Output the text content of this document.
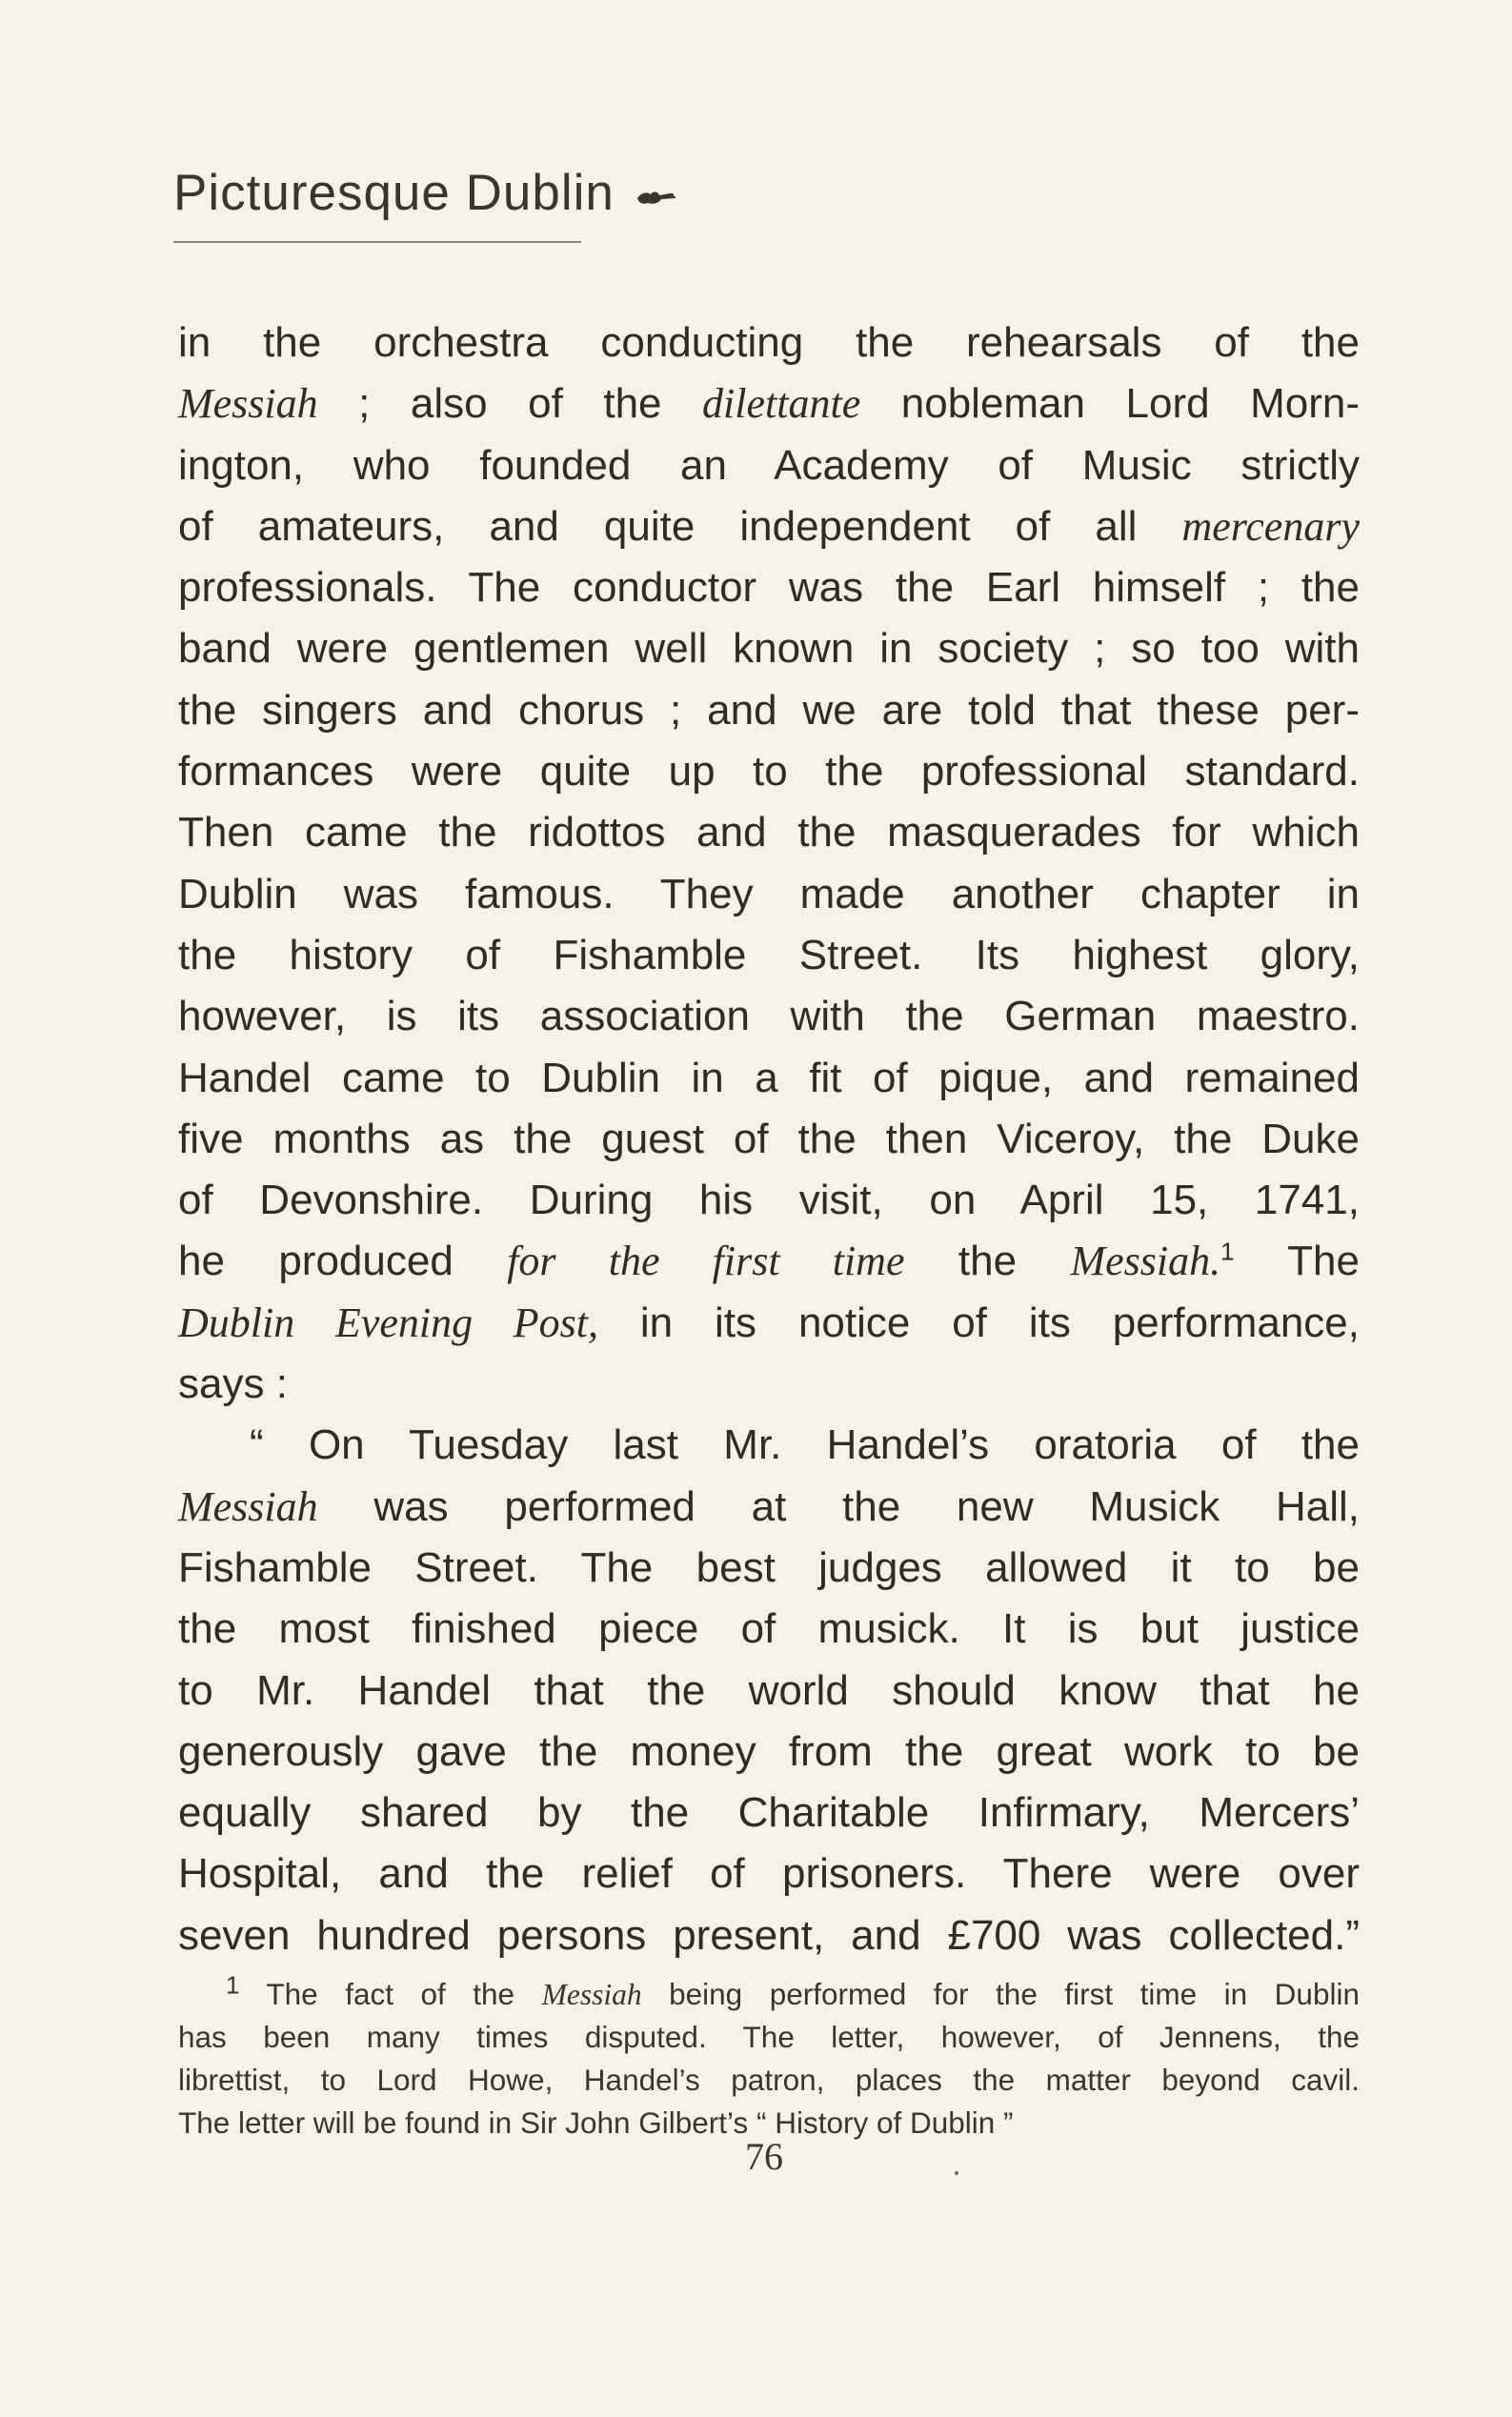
Picturesque Dublin
in the orchestra conducting the rehearsals of the
Messiah ; also of the dilettante nobleman Lord Morn-
ington, who founded an Academy of Music strictly
of amateurs, and quite independent of all mercenary
professionals. The conductor was the Earl himself ; the
band were gentlemen well known in society ; so too with
the singers and chorus ; and we are told that these per-
formances were quite up to the professional standard.
Then came the ridottos and the masquerades for which
Dublin was famous. They made another chapter in
the history of Fishamble Street. Its highest glory,
however, is its association with the German maestro.
Handel came to Dublin in a fit of pique, and remained
five months as the guest of the then Viceroy, the Duke
of Devonshire. During his visit, on April 15, 1741,
he produced for the first time the Messiah.$^1$ The
Dublin Evening Post, in its notice of its performance,
says :
“ On Tuesday last Mr. Handel’s oratoria of the
Messiah was performed at the new Musick Hall,
Fishamble Street. The best judges allowed it to be
the most finished piece of musick. It is but justice
to Mr. Handel that the world should know that he
generously gave the money from the great work to be
equally shared by the Charitable Infirmary, Mercers’
Hospital, and the relief of prisoners. There were over
seven hundred persons present, and £700 was collected.”
$^1$ The fact of the Messiah being performed for the first time in Dublin
has been many times disputed. The letter, however, of Jennens, the
librettist, to Lord Howe, Handel’s patron, places the matter beyond cavil.
The letter will be found in Sir John Gilbert’s “ History of Dublin ”
76
